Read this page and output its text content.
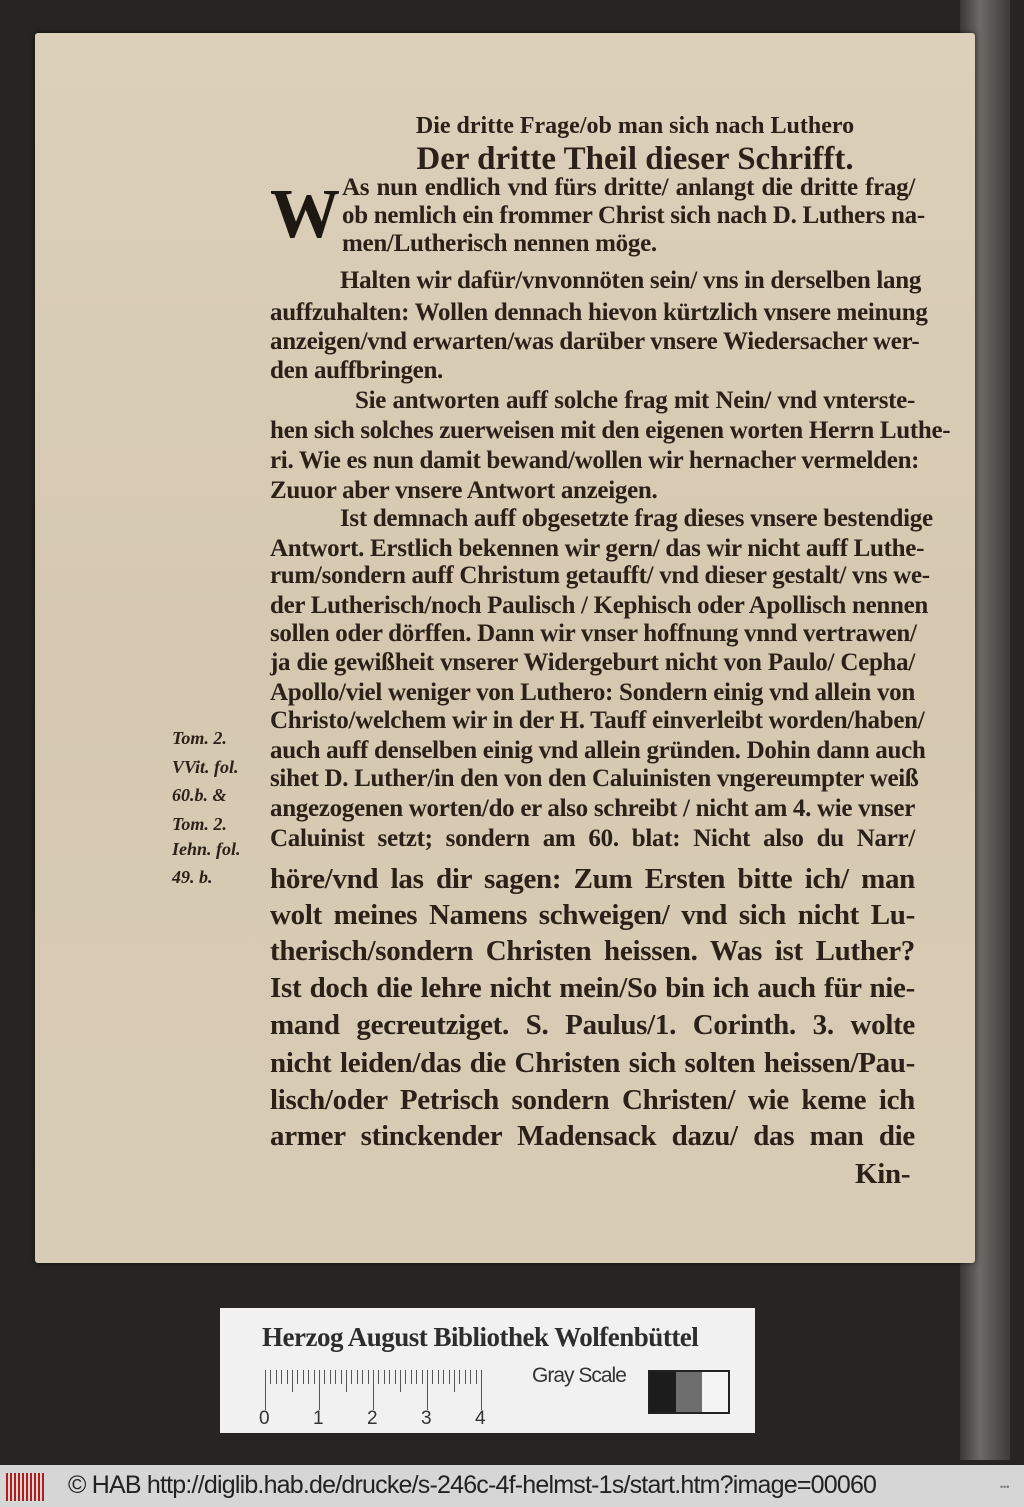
Die dritte Frage/ob man sich nach Luthero
Der dritte Theil dieser Schrifft.
W As nun endlich vnd fürs dritte/ anlangt die dritte frag/
ob nemlich ein frommer Christ sich nach D. Luthers na-
men/Lutherisch nennen möge.
Halten wir dafür/vnvonnöten sein/ vns in derselben lang
auffzuhalten: Wollen dennach hievon kürtzlich vnsere meinung
anzeigen/vnd erwarten/was darüber vnsere Wiedersacher wer-
den auffbringen.
Sie antworten auff solche frag mit Nein/ vnd vnterste-
hen sich solches zuerweisen mit den eigenen worten Herrn Luthe-
ri. Wie es nun damit bewand/wollen wir hernacher vermelden:
Zuuor aber vnsere Antwort anzeigen.
Ist demnach auff obgesetzte frag dieses vnsere bestendige
Antwort. Erstlich bekennen wir gern/ das wir nicht auff Luthe-
rum/sondern auff Christum getaufft/ vnd dieser gestalt/ vns we-
der Lutherisch/noch Paulisch / Kephisch oder Apollisch nennen
sollen oder dörffen. Dann wir vnser hoffnung vnnd vertrawen/
ja die gewißheit vnserer Widergeburt nicht von Paulo/ Cepha/
Apollo/viel weniger von Luthero: Sondern einig vnd allein von
Christo/welchem wir in der H. Tauff einverleibt worden/haben/
auch auff denselben einig vnd allein gründen. Dohin dann auch
sihet D. Luther/in den von den Caluinisten vngereumpter weiß
angezogenen worten/do er also schreibt / nicht am 4. wie vnser
Caluinist setzt; sondern am 60. blat: Nicht also du Narr/
höre/vnd las dir sagen: Zum Ersten bitte ich/ man
wolt meines Namens schweigen/ vnd sich nicht Lu-
therisch/sondern Christen heissen. Was ist Luther?
Ist doch die lehre nicht mein/So bin ich auch für nie-
mand gecreutziget. S. Paulus/1. Corinth. 3. wolte
nicht leiden/das die Christen sich solten heissen/Pau-
lisch/oder Petrisch sondern Christen/ wie keme ich
armer stinckender Madensack dazu/ das man die
Kin-
Tom. 2.
VVit. fol.
60.b. &
Tom. 2.
Iehn. fol.
49. b.
Herzog August Bibliothek Wolfenbüttel
0 1 2 3 4
Gray Scale
© HAB http://diglib.hab.de/drucke/s-246c-4f-helmst-1s/start.htm?image=00060	•••
